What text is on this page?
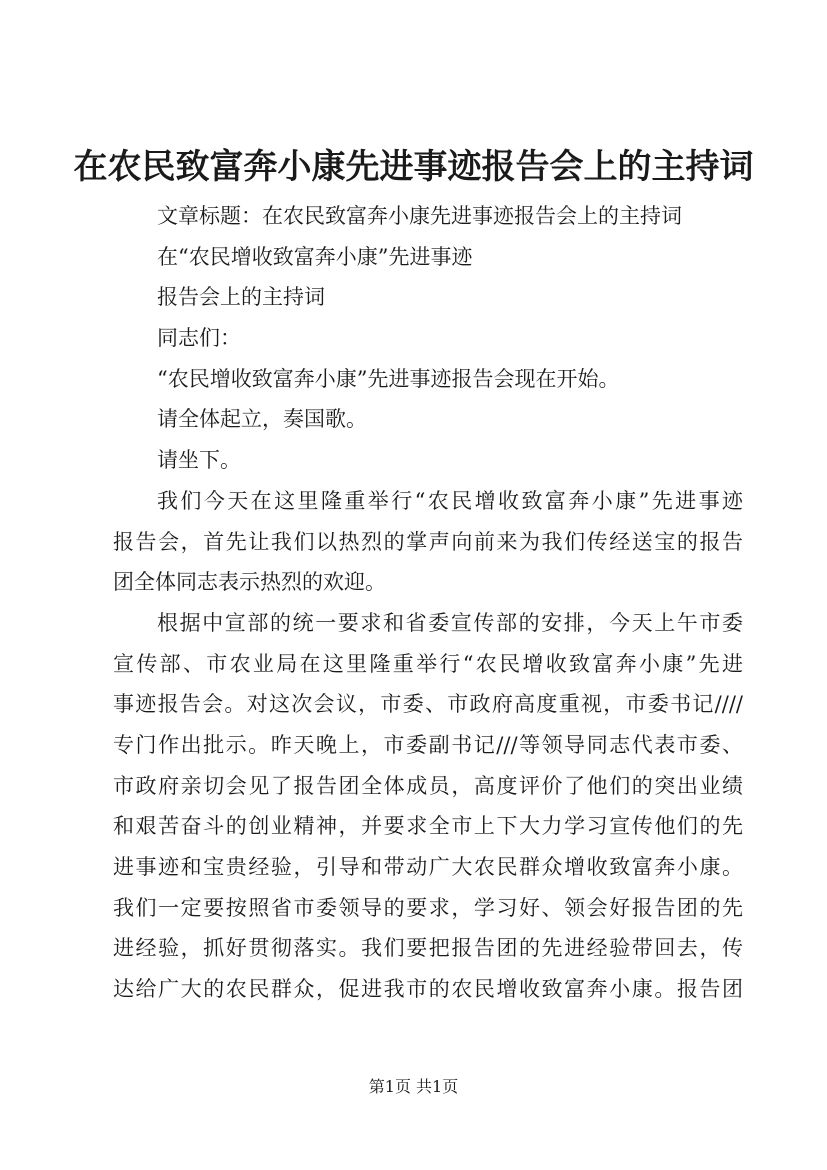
在农民致富奔小康先进事迹报告会上的主持词
文章标题：在农民致富奔小康先进事迹报告会上的主持词
在“农民增收致富奔小康”先进事迹
报告会上的主持词
同志们：
“农民增收致富奔小康”先进事迹报告会现在开始。
请全体起立，奏国歌。
请坐下。
我们今天在这里隆重举行“农民增收致富奔小康”先进事迹
报告会，首先让我们以热烈的掌声向前来为我们传经送宝的报告
团全体同志表示热烈的欢迎。
根据中宣部的统一要求和省委宣传部的安排，今天上午市委
宣传部、市农业局在这里隆重举行“农民增收致富奔小康”先进
事迹报告会。对这次会议，市委、市政府高度重视，市委书记////
专门作出批示。昨天晚上，市委副书记///等领导同志代表市委、
市政府亲切会见了报告团全体成员，高度评价了他们的突出业绩
和艰苦奋斗的创业精神，并要求全市上下大力学习宣传他们的先
进事迹和宝贵经验，引导和带动广大农民群众增收致富奔小康。
我们一定要按照省市委领导的要求，学习好、领会好报告团的先
进经验，抓好贯彻落实。我们要把报告团的先进经验带回去，传
达给广大的农民群众，促进我市的农民增收致富奔小康。报告团
第1页 共1页
